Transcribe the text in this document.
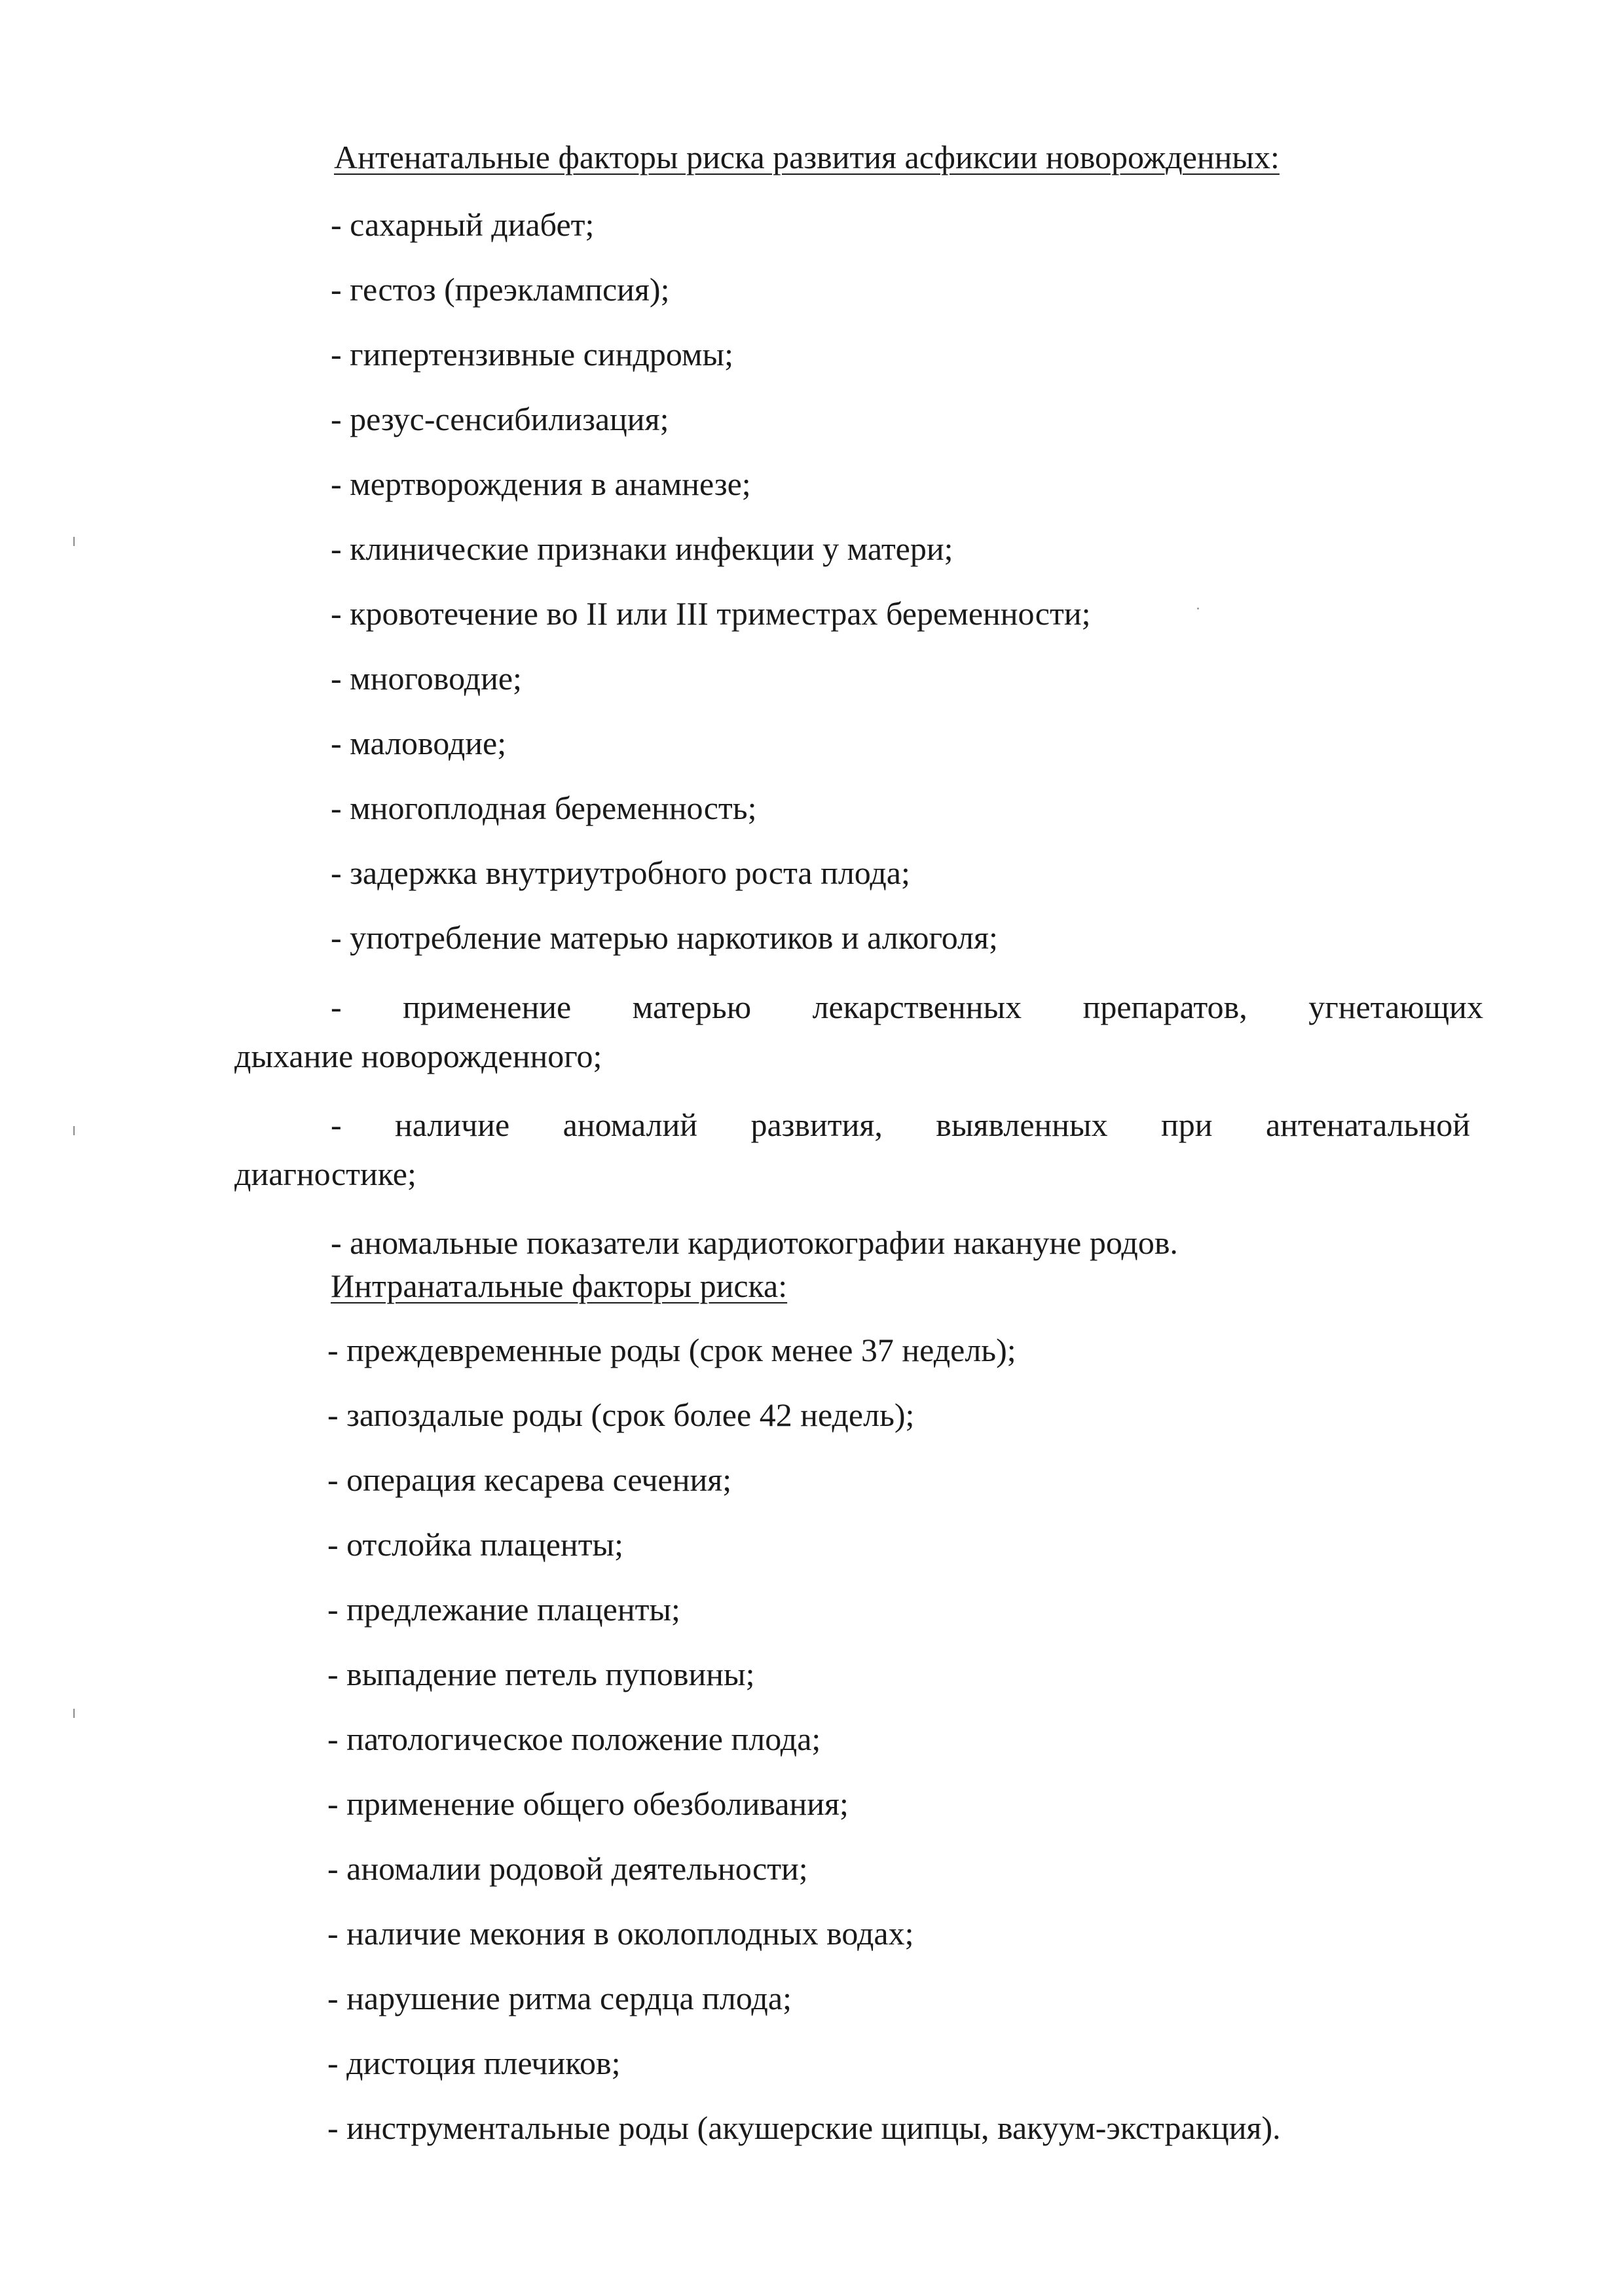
Антенатальные факторы риска развития асфиксии новорожденных:
- сахарный диабет;
- гестоз (преэклампсия);
- гипертензивные синдромы;
- резус-сенсибилизация;
- мертворождения в анамнезе;
- клинические признаки инфекции у матери;
- кровотечение во II или III триместрах беременности;
- многоводие;
- маловодие;
- многоплодная беременность;
- задержка внутриутробного роста плода;
- употребление матерью наркотиков и алкоголя;
- применение матерью лекарственных препаратов, угнетающих
дыхание новорожденного;
- наличие аномалий развития, выявленных при антенатальной
диагностике;
- аномальные показатели кардиотокографии накануне родов.
Интранатальные факторы риска:
- преждевременные роды (срок менее 37 недель);
- запоздалые роды (срок более 42 недель);
- операция кесарева сечения;
- отслойка плаценты;
- предлежание плаценты;
- выпадение петель пуповины;
- патологическое положение плода;
- применение общего обезболивания;
- аномалии родовой деятельности;
- наличие мекония в околоплодных водах;
- нарушение ритма сердца плода;
- дистоция плечиков;
- инструментальные роды (акушерские щипцы, вакуум-экстракция).
